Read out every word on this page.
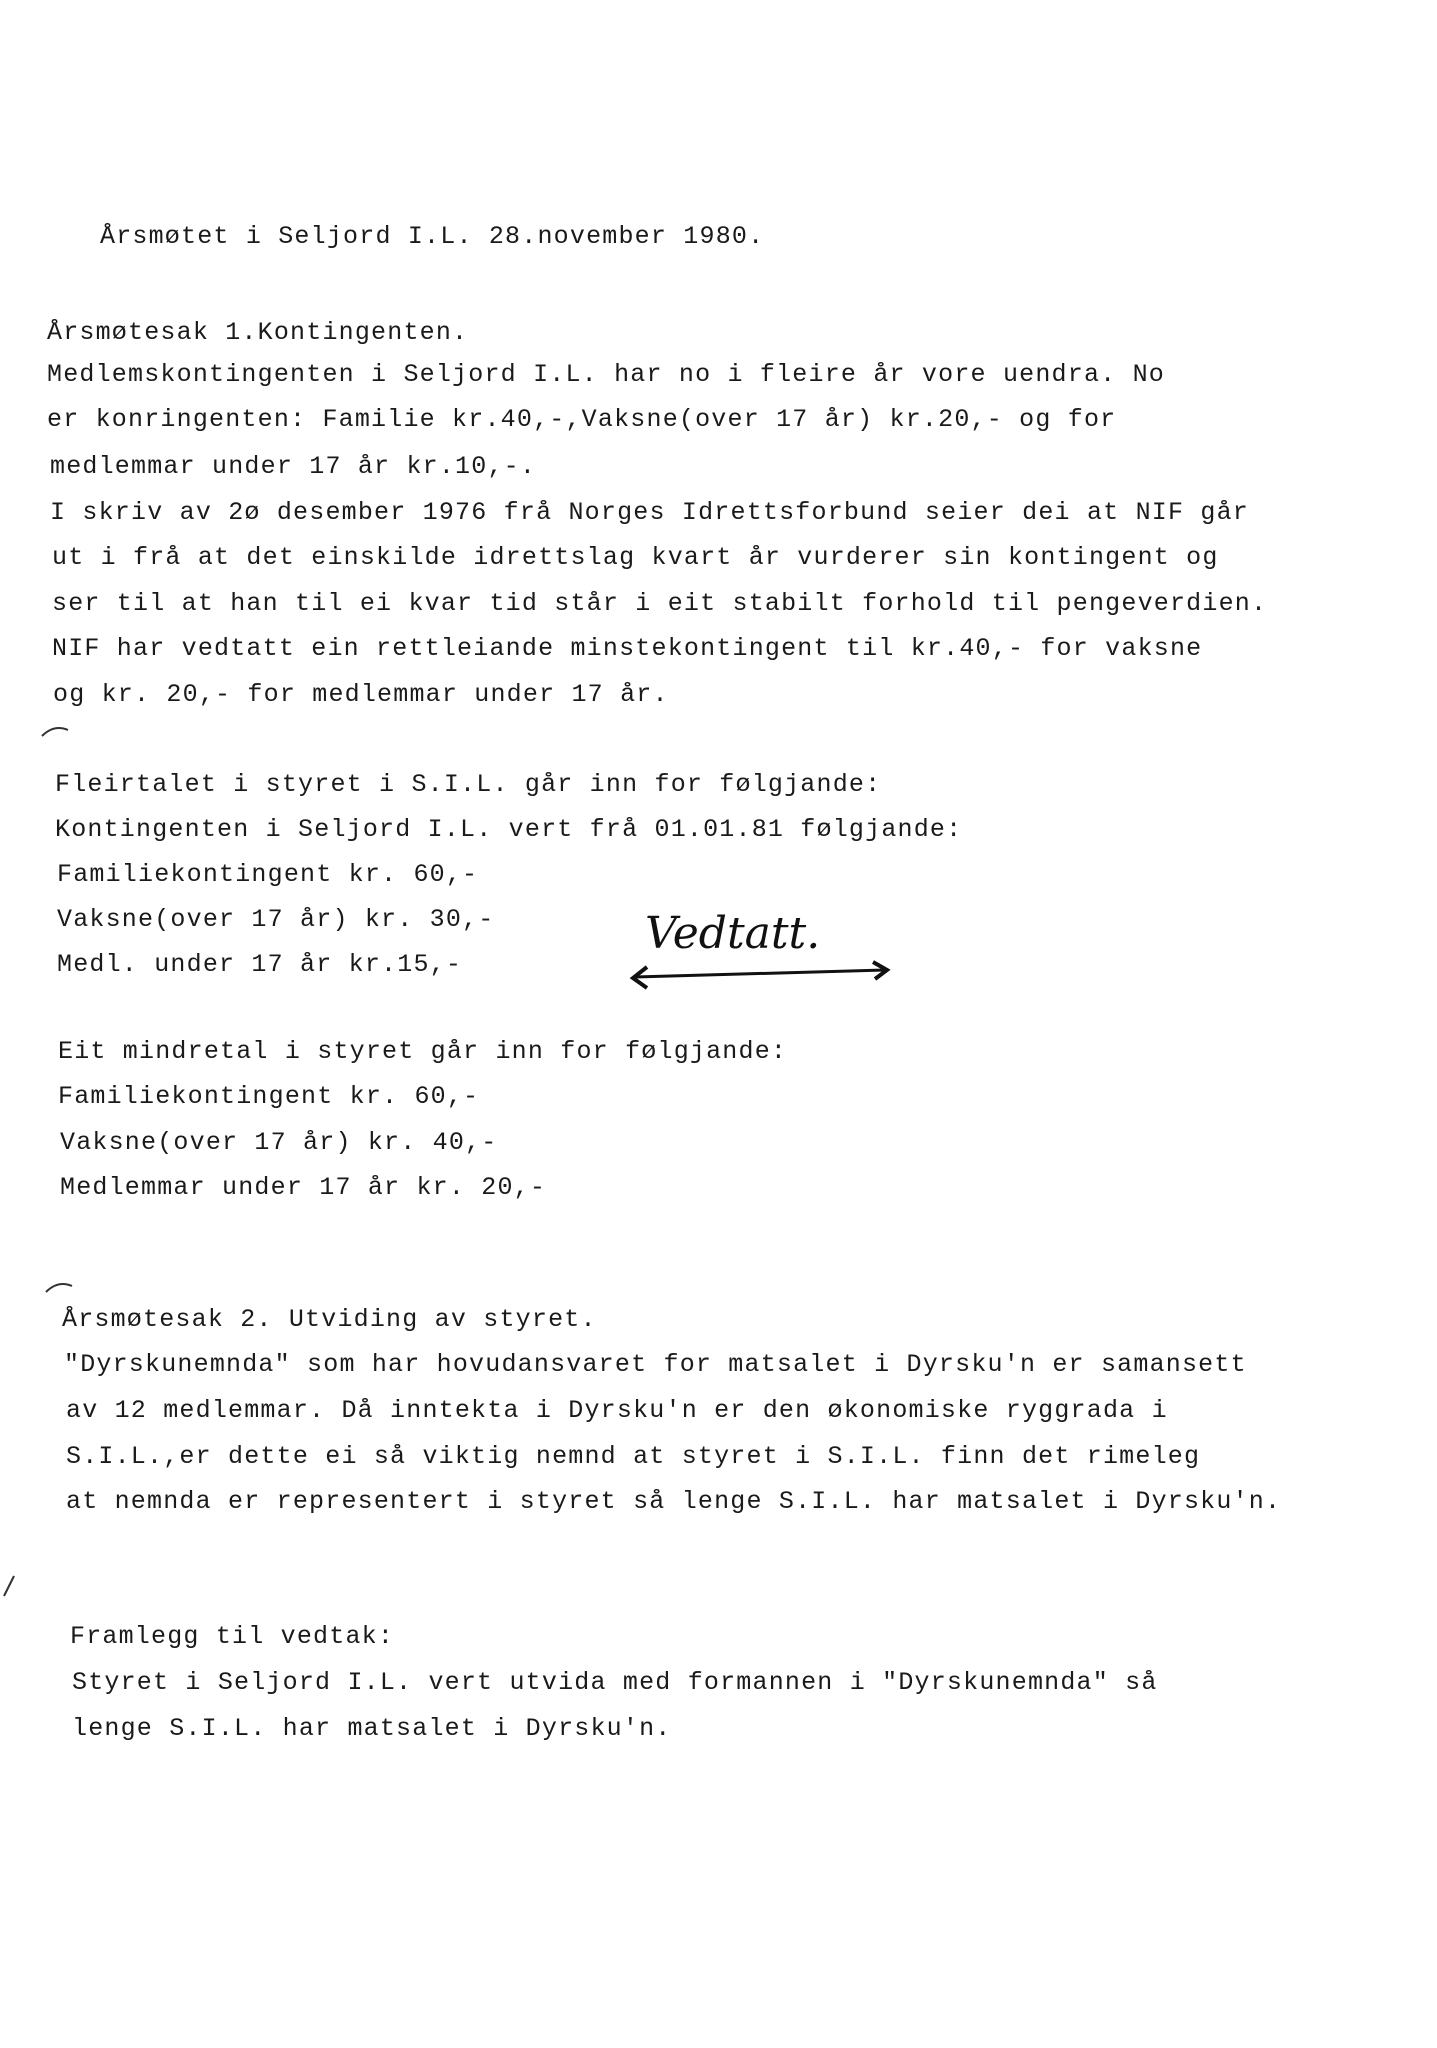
Årsmøtet i Seljord I.L. 28.november 1980.
Årsmøtesak 1.Kontingenten.
Medlemskontingenten i Seljord I.L. har no i fleire år vore uendra. No
er konringenten: Familie kr.40,-,Vaksne(over 17 år) kr.20,- og for
medlemmar under 17 år kr.10,-.
I skriv av 2ø desember 1976 frå Norges Idrettsforbund seier dei at NIF går
ut i frå at det einskilde idrettslag kvart år vurderer sin kontingent og
ser til at han til ei kvar tid står i eit stabilt forhold til pengeverdien.
NIF har vedtatt ein rettleiande minstekontingent til kr.40,- for vaksne
og kr. 20,- for medlemmar under 17 år.
Fleirtalet i styret i S.I.L. går inn for følgjande:
Kontingenten i Seljord I.L. vert frå 01.01.81 følgjande:
Familiekontingent kr. 60,-
Vaksne(over 17 år) kr. 30,-
Medl. under 17 år kr.15,-
Vedtatt.
Eit mindretal i styret går inn for følgjande:
Familiekontingent kr. 60,-
Vaksne(over 17 år) kr. 40,-
Medlemmar under 17 år kr. 20,-
Årsmøtesak 2. Utviding av styret.
"Dyrskunemnda" som har hovudansvaret for matsalet i Dyrsku'n er samansett
av 12 medlemmar. Då inntekta i Dyrsku'n er den økonomiske ryggrada i
S.I.L.,er dette ei så viktig nemnd at styret i S.I.L. finn det rimeleg
at nemnda er representert i styret så lenge S.I.L. har matsalet i Dyrsku'n.
Framlegg til vedtak:
Styret i Seljord I.L. vert utvida med formannen i "Dyrskunemnda" så
lenge S.I.L. har matsalet i Dyrsku'n.
